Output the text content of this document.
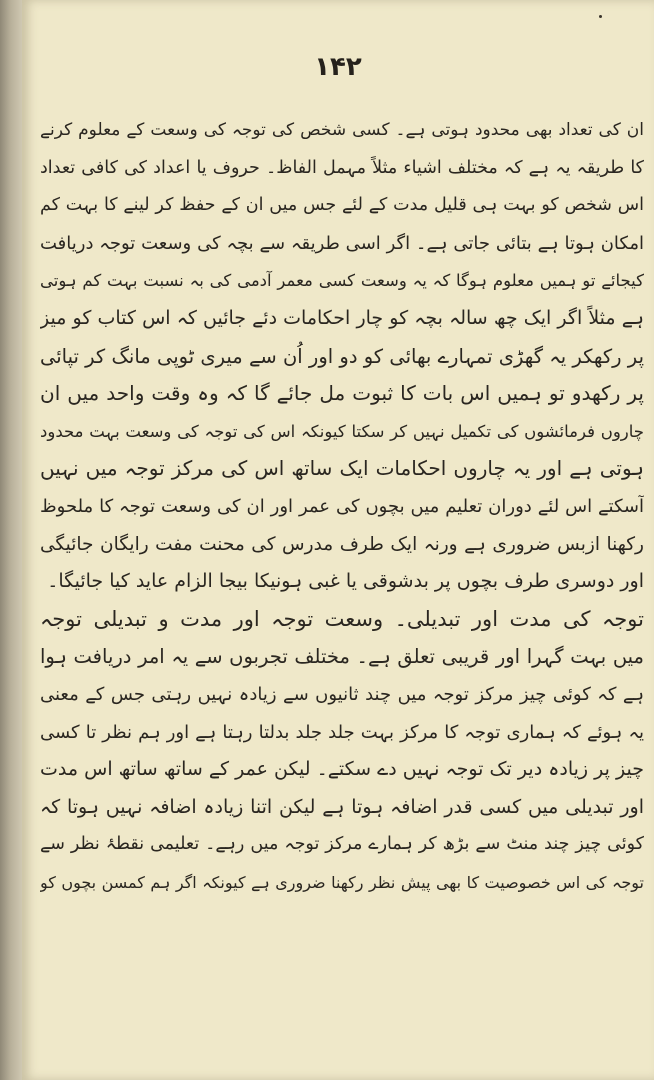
۱۴۲
ان کی تعداد بھی محدود ہوتی ہے۔ کسی شخص کی توجہ کی وسعت کے معلوم کرنے
کا طریقہ یہ ہے کہ مختلف اشیاء مثلاً مہمل الفاظ۔ حروف یا اعداد کی کافی تعداد
اس شخص کو بہت ہی قلیل مدت کے لئے جس میں ان کے حفظ کر لینے کا بہت کم
امکان ہوتا ہے بتائی جاتی ہے۔ اگر اسی طریقہ سے بچہ کی وسعت توجہ دریافت
کیجائے تو ہمیں معلوم ہوگا کہ یہ وسعت کسی معمر آدمی کی بہ نسبت بہت کم ہوتی
ہے مثلاً اگر ایک چھ سالہ بچہ کو چار احکامات دئے جائیں کہ اس کتاب کو میز
پر رکھکر یہ گھڑی تمہارے بھائی کو دو اور اُن سے میری ٹوپی مانگ کر تپائی
پر رکھدو تو ہمیں اس بات کا ثبوت مل جائے گا کہ وہ وقت واحد میں ان
چاروں فرمائشوں کی تکمیل نہیں کر سکتا کیونکہ اس کی توجہ کی وسعت بہت محدود
ہوتی ہے اور یہ چاروں احکامات ایک ساتھ اس کی مرکز توجہ میں نہیں
آسکتے اس لئے دوران تعلیم میں بچوں کی عمر اور ان کی وسعت توجہ کا ملحوظ
رکھنا ازبس ضروری ہے ورنہ ایک طرف مدرس کی محنت مفت رایگان جائیگی
اور دوسری طرف بچوں پر بدشوقی یا غبی ہونیکا بیجا الزام عاید کیا جائیگا۔
توجہ کی مدت اور تبدیلی۔ وسعت توجہ اور مدت و تبدیلی توجہ
میں بہت گہرا اور قریبی تعلق ہے۔ مختلف تجربوں سے یہ امر دریافت ہوا
ہے کہ کوئی چیز مرکز توجہ میں چند ثانیوں سے زیادہ نہیں رہتی جس کے معنی
یہ ہوئے کہ ہماری توجہ کا مرکز بہت جلد جلد بدلتا رہتا ہے اور ہم نظر تا کسی
چیز پر زیادہ دیر تک توجہ نہیں دے سکتے۔ لیکن عمر کے ساتھ ساتھ اس مدت
اور تبدیلی میں کسی قدر اضافہ ہوتا ہے لیکن اتنا زیادہ اضافہ نہیں ہوتا کہ
کوئی چیز چند منٹ سے بڑھ کر ہمارے مرکز توجہ میں رہے۔ تعلیمی نقطۂ نظر سے
توجہ کی اس خصوصیت کا بھی پیش نظر رکھنا ضروری ہے کیونکہ اگر ہم کمسن بچوں کو
